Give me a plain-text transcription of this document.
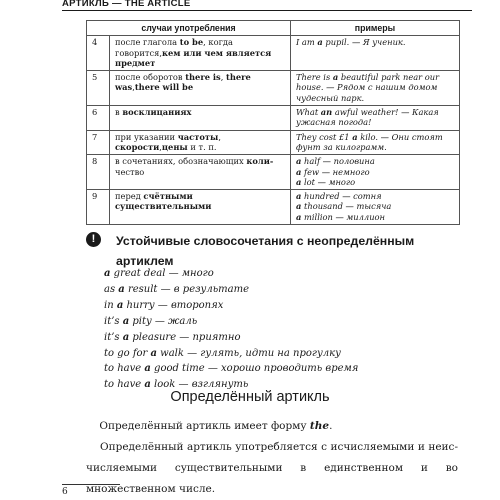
АРТИКЛЬ — THE ARTICLE
случаи употребления		примеры
4	после глаголa to be, когда говорится,кем или чем является предмет	I am a pupil. — Я ученик.

5	после оборотов there is, there was,there will be	There is a beautiful park near our
house. — Рядом с нашим домом
чудесный парк.

6	в восклицаниях	What an awful weather! — Какая
ужасная погода!

7	при указании частоты, скорости,цены и т. п.	They cost £1 a kilo. — Они стоят
фунт за килограмм.

8	в сочетаниях, обозначающих коли-чество	a half — половина
a few — немного
a lot — много

9	перед счётными существительными	a hundred — сотня
a thousand — тысяча
a million — миллион
!	Устойчивые словосочетания с неопределённым
артиклем
a great deal — много
as a result — в результате
in a hurry — второпях
it’s a pity — жаль
it’s a pleasure — приятно
to go for a walk — гулять, идти на прогулку
to have a good time — хорошо проводить время
to have a look — взглянуть
Определённый артикль
Определённый артикль имеет форму the.
Определённый артикль употребляется с исчисляемыми и неис-числяемыми существительными в единственном и во множественном числе.
6
